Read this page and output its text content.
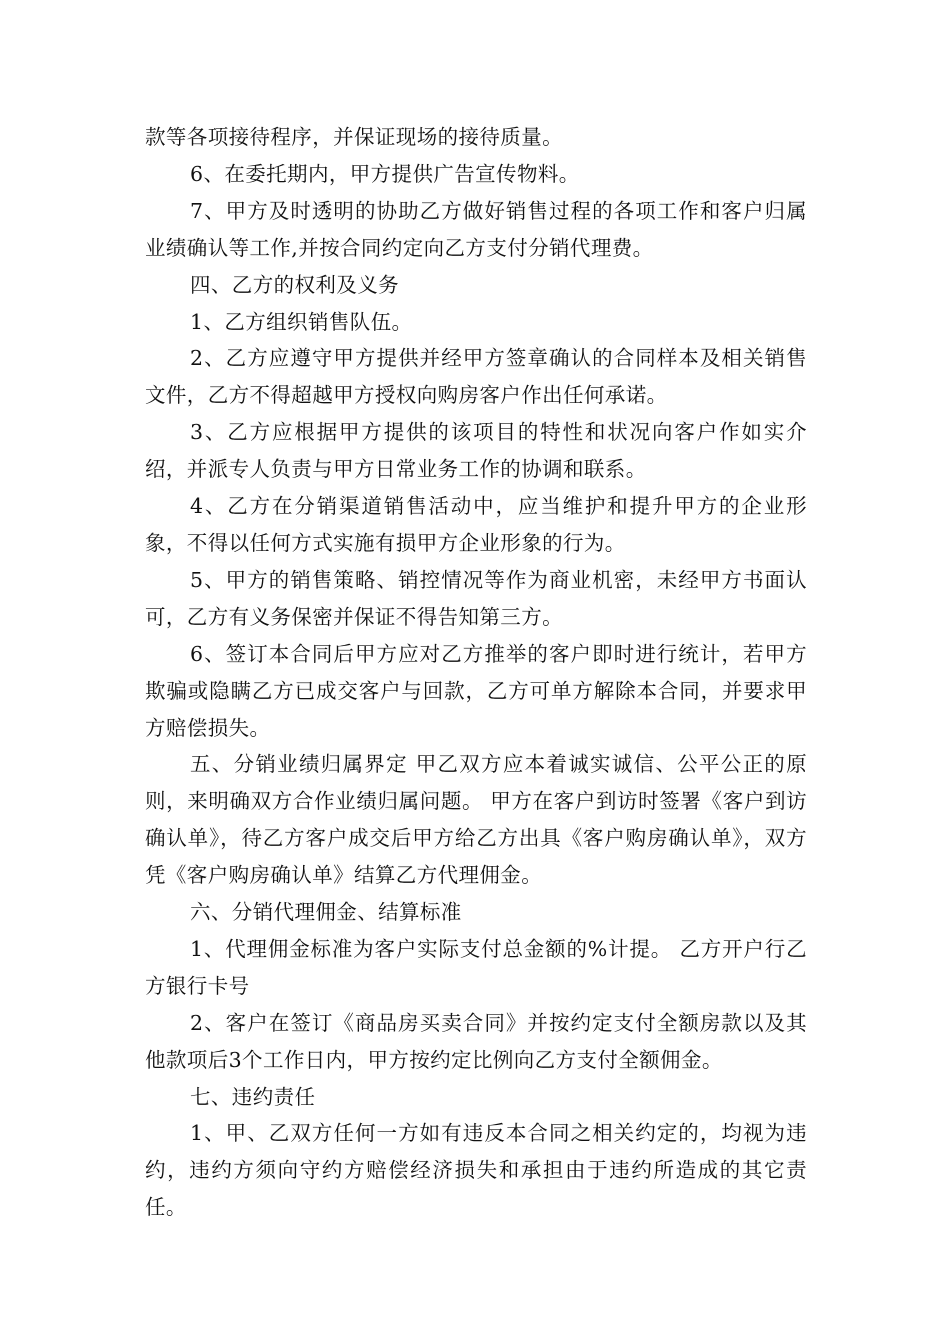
款等各项接待程序，并保证现场的接待质量。

6、在委托期内，甲方提供广告宣传物料。

7、甲方及时透明的协助乙方做好销售过程的各项工作和客户归属业绩确认等工作,并按合同约定向乙方支付分销代理费。

四、乙方的权利及义务

1、乙方组织销售队伍。

2、乙方应遵守甲方提供并经甲方签章确认的合同样本及相关销售文件，乙方不得超越甲方授权向购房客户作出任何承诺。

3、乙方应根据甲方提供的该项目的特性和状况向客户作如实介绍，并派专人负责与甲方日常业务工作的协调和联系。

4、乙方在分销渠道销售活动中，应当维护和提升甲方的企业形象，不得以任何方式实施有损甲方企业形象的行为。

5、甲方的销售策略、销控情况等作为商业机密，未经甲方书面认可，乙方有义务保密并保证不得告知第三方。

6、签订本合同后甲方应对乙方推举的客户即时进行统计，若甲方欺骗或隐瞒乙方已成交客户与回款，乙方可单方解除本合同，并要求甲方赔偿损失。

五、分销业绩归属界定 甲乙双方应本着诚实诚信、公平公正的原则，来明确双方合作业绩归属问题。 甲方在客户到访时签署《客户到访确认单》，待乙方客户成交后甲方给乙方出具《客户购房确认单》，双方凭《客户购房确认单》结算乙方代理佣金。

六、分销代理佣金、结算标准

1、代理佣金标准为客户实际支付总金额的%计提。 乙方开户行乙方银行卡号

2、客户在签订《商品房买卖合同》并按约定支付全额房款以及其他款项后3个工作日内，甲方按约定比例向乙方支付全额佣金。

七、违约责任

1、甲、乙双方任何一方如有违反本合同之相关约定的，均视为违约，违约方须向守约方赔偿经济损失和承担由于违约所造成的其它责任。
